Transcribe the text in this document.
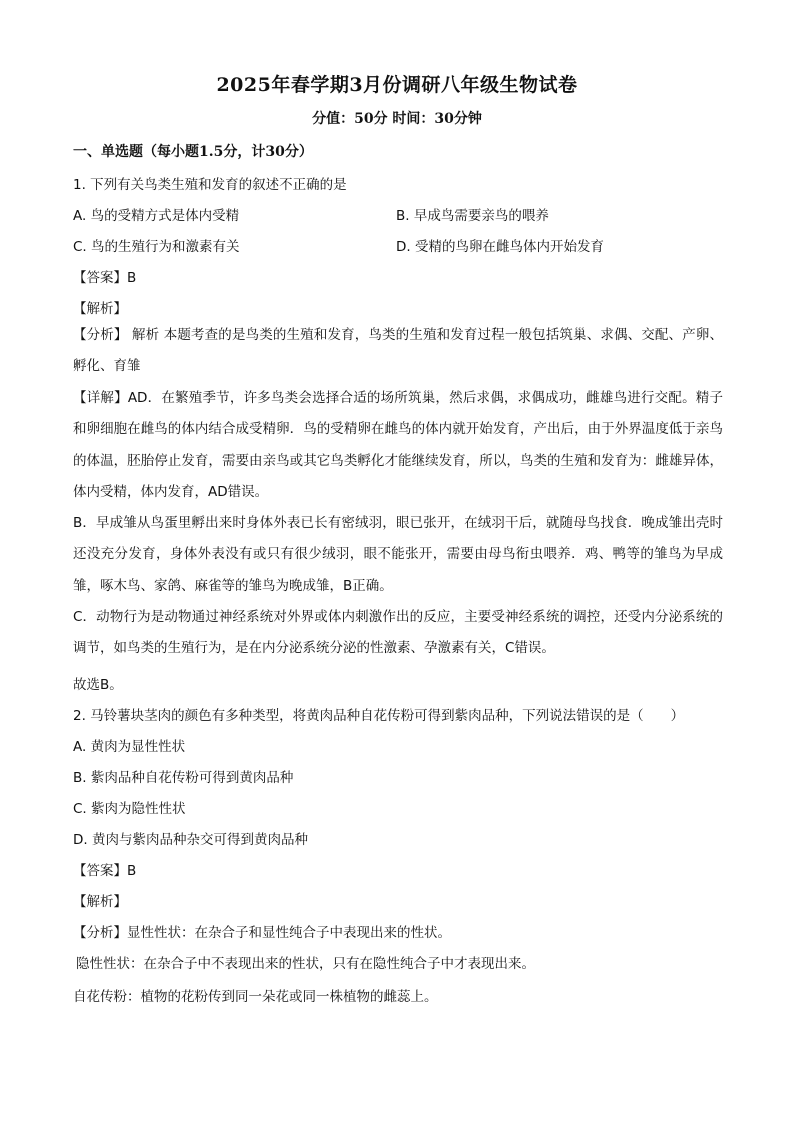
2025年春学期3月份调研八年级生物试卷
分值：50分 时间：30分钟
一、单选题（每小题1.5分，计30分）
1. 下列有关鸟类生殖和发育的叙述不正确的是
A. 鸟的受精方式是体内受精	B. 早成鸟需要亲鸟的喂养
C. 鸟的生殖行为和激素有关	D. 受精的鸟卵在雌鸟体内开始发育
【答案】B
【解析】
【分析】 解析 本题考查的是鸟类的生殖和发育，鸟类的生殖和发育过程一般包括筑巢、求偶、交配、产卵、孵化、育雏
【详解】AD．在繁殖季节，许多鸟类会选择合适的场所筑巢，然后求偶，求偶成功，雌雄鸟进行交配。精子和卵细胞在雌鸟的体内结合成受精卵．鸟的受精卵在雌鸟的体内就开始发育，产出后，由于外界温度低于亲鸟的体温，胚胎停止发育，需要由亲鸟或其它鸟类孵化才能继续发育，所以，鸟类的生殖和发育为：雌雄异体，体内受精，体内发育，AD错误。
B．早成雏从鸟蛋里孵出来时身体外表已长有密绒羽，眼已张开，在绒羽干后，就随母鸟找食．晚成雏出壳时还没充分发育，身体外表没有或只有很少绒羽，眼不能张开，需要由母鸟衔虫喂养．鸡、鸭等的雏鸟为早成雏，啄木鸟、家鸽、麻雀等的雏鸟为晚成雏，B正确。
C．动物行为是动物通过神经系统对外界或体内刺激作出的反应，主要受神经系统的调控，还受内分泌系统的调节，如鸟类的生殖行为，是在内分泌系统分泌的性激素、孕激素有关，C错误。
故选B。
2. 马铃薯块茎肉的颜色有多种类型，将黄肉品种自花传粉可得到紫肉品种，下列说法错误的是（　　）
A. 黄肉为显性性状
B. 紫肉品种自花传粉可得到黄肉品种
C. 紫肉为隐性性状
D. 黄肉与紫肉品种杂交可得到黄肉品种
【答案】B
【解析】
【分析】显性性状：在杂合子和显性纯合子中表现出来的性状。
隐性性状：在杂合子中不表现出来的性状，只有在隐性纯合子中才表现出来。
自花传粉：植物的花粉传到同一朵花或同一株植物的雌蕊上。
